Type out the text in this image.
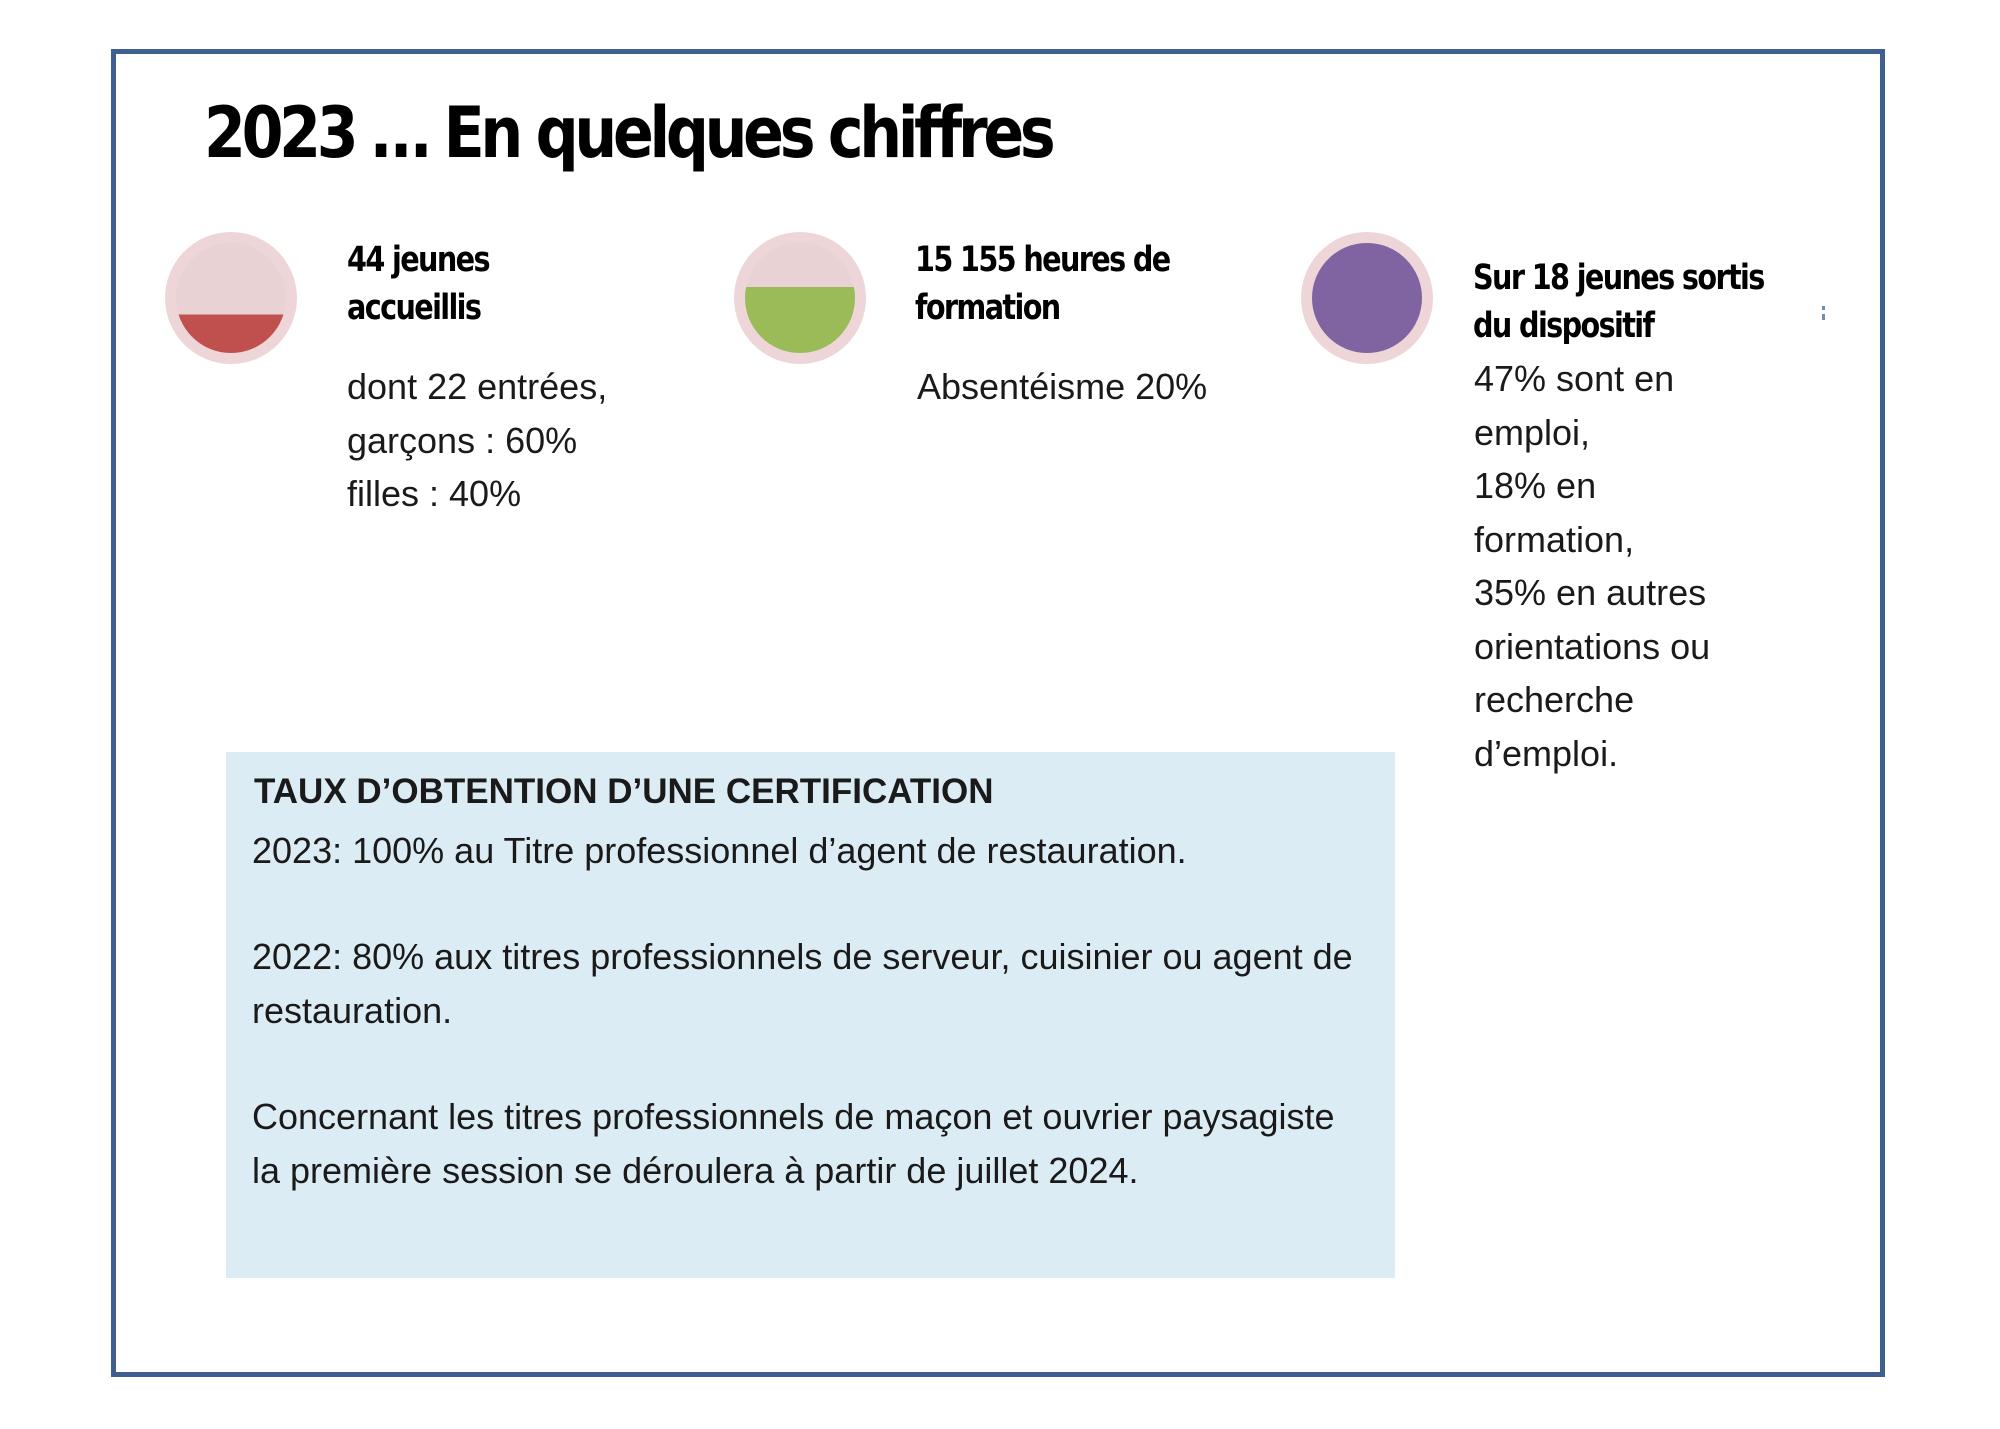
2023 … En quelques chiffres
44 jeunes
accueillis
dont 22 entrées,
garçons : 60%
filles : 40%
15 155 heures de
formation
Absentéisme 20%
Sur 18 jeunes sortis
du dispositif
47% sont en
emploi,
18% en
formation,
35% en autres
orientations ou
recherche
d’emploi.
TAUX D’OBTENTION D’UNE CERTIFICATION

2023: 100% au Titre professionnel d’agent de restauration.

2022: 80% aux titres professionnels de serveur, cuisinier ou agent de restauration.

Concernant les titres professionnels de maçon et ouvrier paysagiste la première session se déroulera à partir de juillet 2024.
